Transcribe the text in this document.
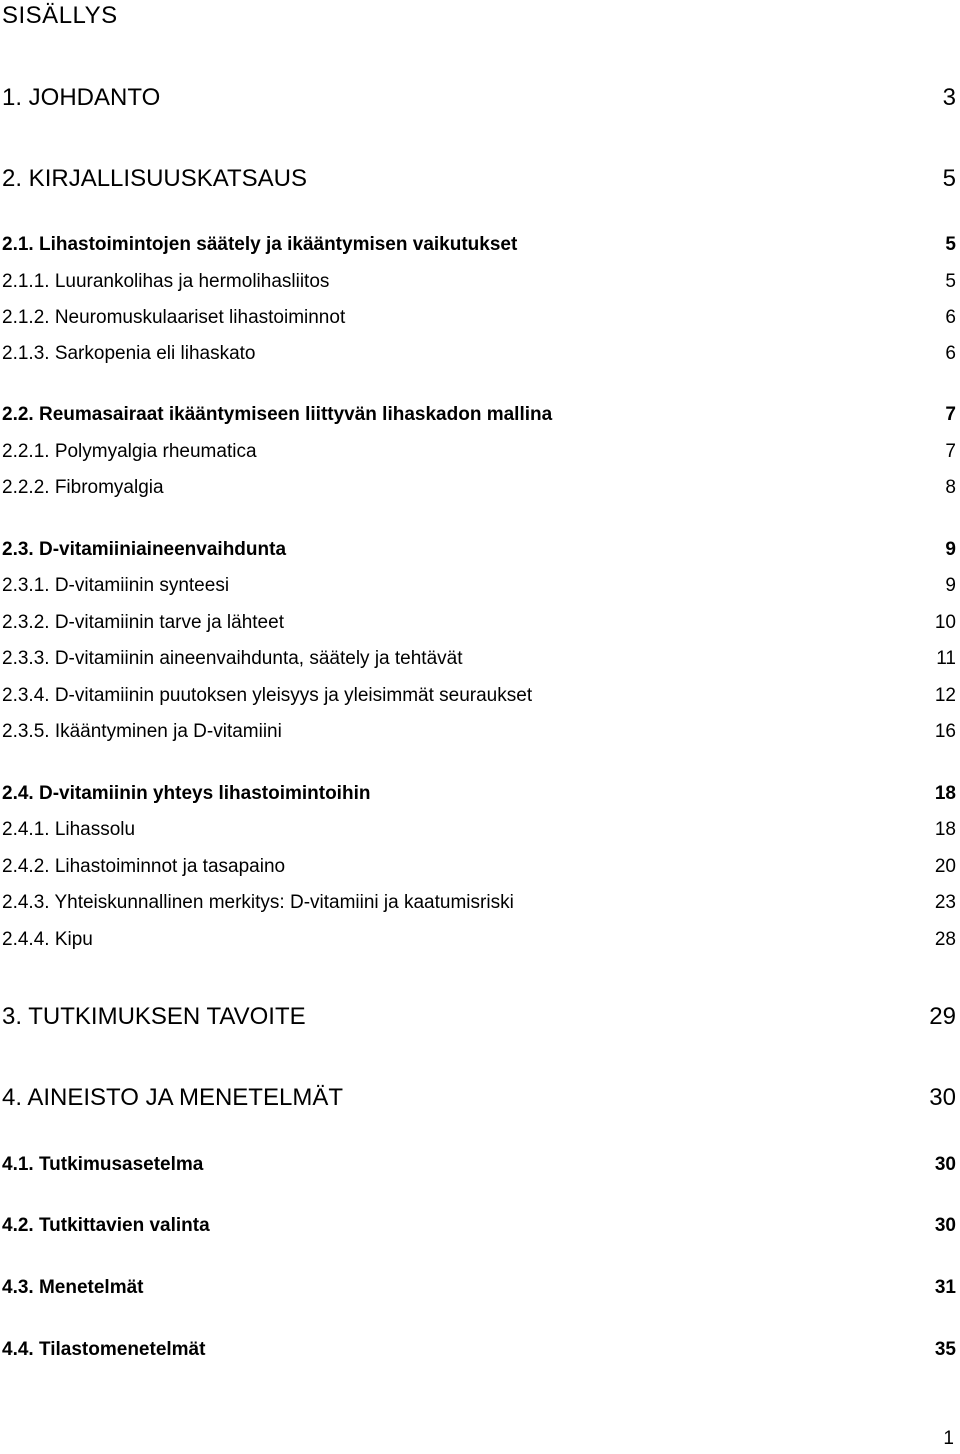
SISÄLLYS
1. JOHDANTO	3
2. KIRJALLISUUSKATSAUS	5
2.1. Lihastoimintojen säätely ja ikääntymisen vaikutukset	5
2.1.1. Luurankolihas ja hermolihasliitos	5
2.1.2. Neuromuskulaariset lihastoiminnot	6
2.1.3. Sarkopenia eli lihaskato	6
2.2. Reumasairaat ikääntymiseen liittyvän lihaskadon mallina	7
2.2.1. Polymyalgia rheumatica	7
2.2.2. Fibromyalgia	8
2.3. D-vitamiiniaineenvaihdunta	9
2.3.1. D-vitamiinin synteesi	9
2.3.2. D-vitamiinin tarve ja lähteet	10
2.3.3. D-vitamiinin aineenvaihdunta, säätely ja tehtävät	11
2.3.4. D-vitamiinin puutoksen yleisyys ja yleisimmät seuraukset	12
2.3.5. Ikääntyminen ja D-vitamiini	16
2.4. D-vitamiinin yhteys lihastoimintoihin	18
2.4.1. Lihassolu	18
2.4.2. Lihastoiminnot ja tasapaino	20
2.4.3. Yhteiskunnallinen merkitys: D-vitamiini ja kaatumisriski	23
2.4.4. Kipu	28
3. TUTKIMUKSEN TAVOITE	29
4. AINEISTO JA MENETELMÄT	30
4.1. Tutkimusasetelma	30
4.2. Tutkittavien valinta	30
4.3. Menetelmät	31
4.4. Tilastomenetelmät	35
1
